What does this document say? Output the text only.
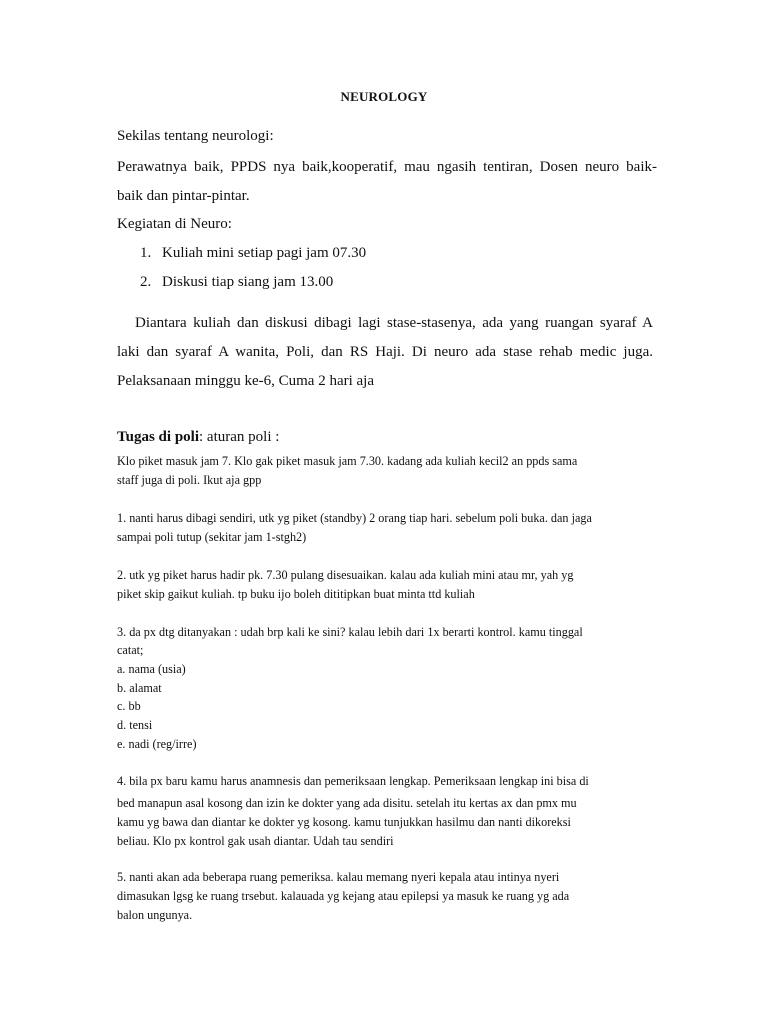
NEUROLOGY
Sekilas tentang neurologi:
Perawatnya baik, PPDS nya baik,kooperatif, mau ngasih tentiran, Dosen neuro baik-
baik dan pintar-pintar.
Kegiatan di Neuro:
1. Kuliah mini setiap pagi jam 07.30
2. Diskusi tiap siang jam 13.00
Diantara kuliah dan diskusi dibagi lagi stase-stasenya, ada yang ruangan syaraf A
laki dan syaraf A wanita, Poli, dan RS Haji. Di neuro ada stase rehab medic juga.
Pelaksanaan minggu ke-6, Cuma 2 hari aja
Tugas di poli: aturan poli :
Klo piket masuk jam 7. Klo gak piket masuk jam 7.30. kadang ada kuliah kecil2 an ppds sama
staff juga di poli. Ikut aja gpp
1. nanti harus dibagi sendiri, utk yg piket (standby) 2 orang tiap hari. sebelum poli buka. dan jaga
sampai poli tutup (sekitar jam 1-stgh2)
2. utk yg piket harus hadir pk. 7.30 pulang disesuaikan. kalau ada kuliah mini atau mr, yah yg
piket skip gaikut kuliah. tp buku ijo boleh dititipkan buat minta ttd kuliah
3. da px dtg ditanyakan : udah brp kali ke sini? kalau lebih dari 1x berarti kontrol. kamu tinggal
catat;
a. nama (usia)
b. alamat
c. bb
d. tensi
e. nadi (reg/irre)
4. bila px baru kamu harus anamnesis dan pemeriksaan lengkap. Pemeriksaan lengkap ini bisa di
bed manapun asal kosong dan izin ke dokter yang ada disitu. setelah itu kertas ax dan pmx mu
kamu yg bawa dan diantar ke dokter yg kosong. kamu tunjukkan hasilmu dan nanti dikoreksi
beliau. Klo px kontrol gak usah diantar. Udah tau sendiri
5. nanti akan ada beberapa ruang pemeriksa. kalau memang nyeri kepala atau intinya nyeri
dimasukan lgsg ke ruang trsebut. kalauada yg kejang atau epilepsi ya masuk ke ruang yg ada
balon ungunya.
